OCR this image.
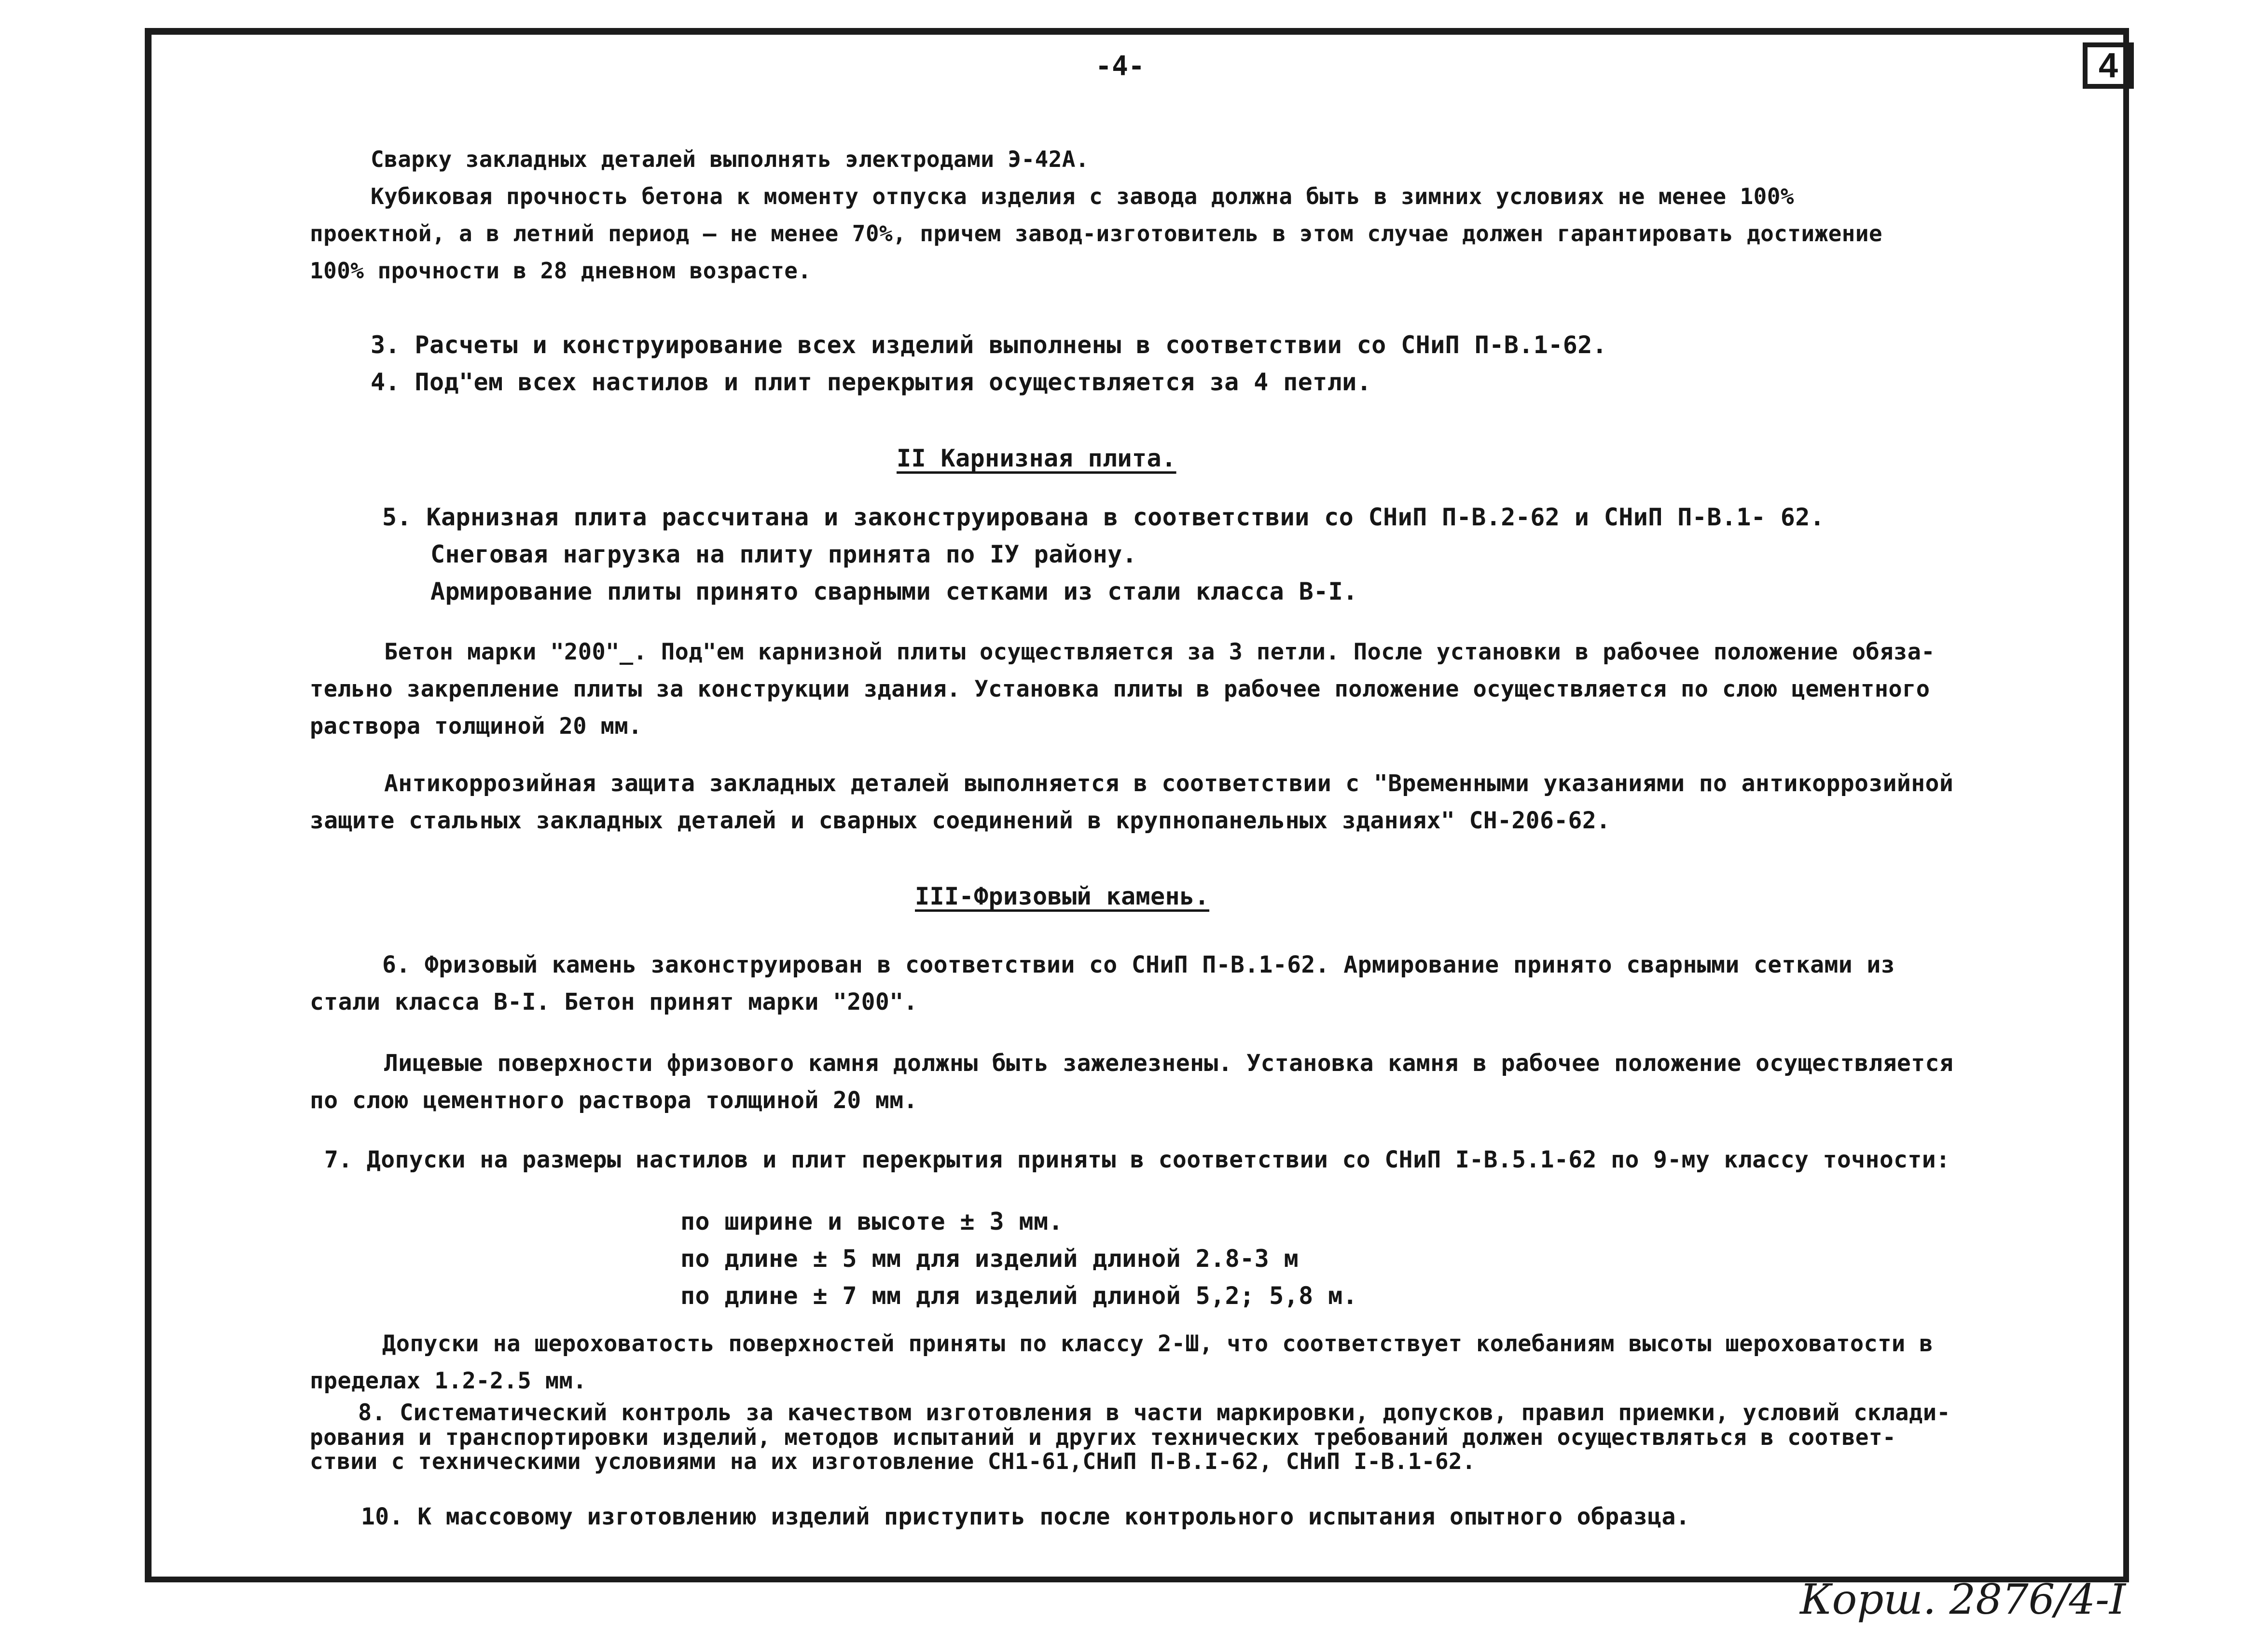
4
-4-
Сварку закладных деталей выполнять электродами Э-42А.
Кубиковая прочность бетона к моменту отпуска изделия с завода должна быть в зимних условиях не менее 100%
проектной, а в летний период — не менее 70%, причем завод-изготовитель в этом случае должен гарантировать достижение
100% прочности в 28 дневном возрасте.
3. Расчеты и конструирование всех изделий выполнены в соответствии со СНиП П-В.1-62.
4. Под"ем всех настилов и плит перекрытия осуществляется за 4 петли.
II Карнизная плита.
5. Карнизная плита рассчитана и законструирована в соответствии со СНиП П-В.2-62 и СНиП П-В.1- 62.
Снеговая нагрузка на плиту принята по IУ району.
Армирование плиты принято сварными сетками из стали класса В-I.
Бетон марки "200"_. Под"ем карнизной плиты осуществляется за 3 петли. После установки в рабочее положение обяза-
тельно закрепление плиты за конструкции здания. Установка плиты в рабочее положение осуществляется по слою цементного
раствора толщиной 20 мм.
Антикоррозийная защита закладных деталей выполняется в соответствии с "Временными указаниями по антикоррозийной
защите стальных закладных деталей и сварных соединений в крупнопанельных зданиях" СН-206-62.
III-Фризовый камень.
6. Фризовый камень законструирован в соответствии со СНиП П-В.1-62. Армирование принято сварными сетками из
стали класса В-I. Бетон принят марки "200".
Лицевые поверхности фризового камня должны быть зажелезнены. Установка камня в рабочее положение осуществляется
по слою цементного раствора толщиной 20 мм.
7. Допуски на размеры настилов и плит перекрытия приняты в соответствии со СНиП I-В.5.1-62 по 9-му классу точности:
по ширине и высоте ± 3 мм.
по длине ± 5 мм для изделий длиной 2.8-3 м
по длине ± 7 мм для изделий длиной 5,2; 5,8 м.
Допуски на шероховатость поверхностей приняты по классу 2-Ш, что соответствует колебаниям высоты шероховатости в
пределах 1.2-2.5 мм.
8. Систематический контроль за качеством изготовления в части маркировки, допусков, правил приемки, условий склади-
рования и транспортировки изделий, методов испытаний и других технических требований должен осуществляться в соответ-
ствии с техническими условиями на их изготовление СН1-61,СНиП П-В.I-62, СНиП I-В.1-62.
10. К массовому изготовлению изделий приступить после контрольного испытания опытного образца.
Корш. 2876/4-I
